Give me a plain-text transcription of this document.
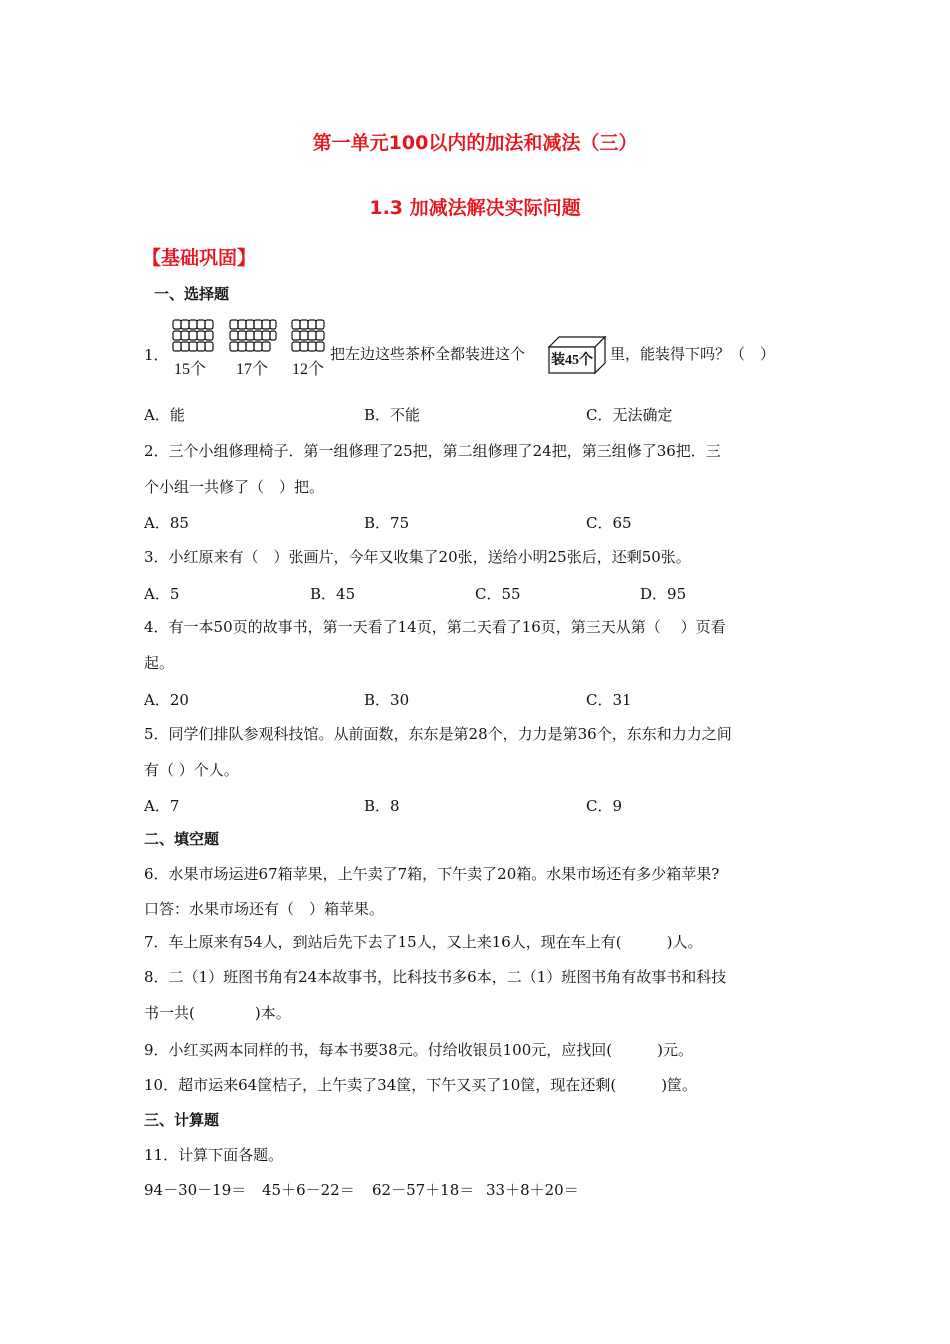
第一单元100以内的加法和减法（三）
1.3 加减法解决实际问题
【基础巩固】
一、选择题
1．
15个 17个 12个
把左边这些茶杯全都装进这个 装45个 里，能装得下吗？（　）
A．能	B．不能	C．无法确定
2．三个小组修理椅子．第一组修理了25把，第二组修理了24把，第三组修了36把．三
个小组一共修了（　）把。
A．85	B．75	C．65
3．小红原来有（　）张画片，今年又收集了20张，送给小明25张后，还剩50张。
A．5	B．45	C．55	D．95
4．有一本50页的故事书，第一天看了14页，第二天看了16页，第三天从第（　 ）页看
起。
A．20	B．30	C．31
5．同学们排队参观科技馆。从前面数，东东是第28个，力力是第36个，东东和力力之间
有（ ）个人。
A．7	B．8	C．9
二、填空题
6．水果市场运进67箱苹果，上午卖了7箱，下午卖了20箱。水果市场还有多少箱苹果?
口答：水果市场还有（　）箱苹果。
7．车上原来有54人，到站后先下去了15人，又上来16人，现在车上有(　　　)人。
8．二（1）班图书角有24本故事书，比科技书多6本，二（1）班图书角有故事书和科技
书一共(　　　　)本。
9．小红买两本同样的书，每本书要38元。付给收银员100元，应找回(　　　)元。
10．超市运来64筐桔子，上午卖了34筐，下午又买了10筐，现在还剩(　　　)筐。
三、计算题
11．计算下面各题。
94－30－19＝ 45＋6－22＝ 62－57＋18＝ 33＋8＋20＝
